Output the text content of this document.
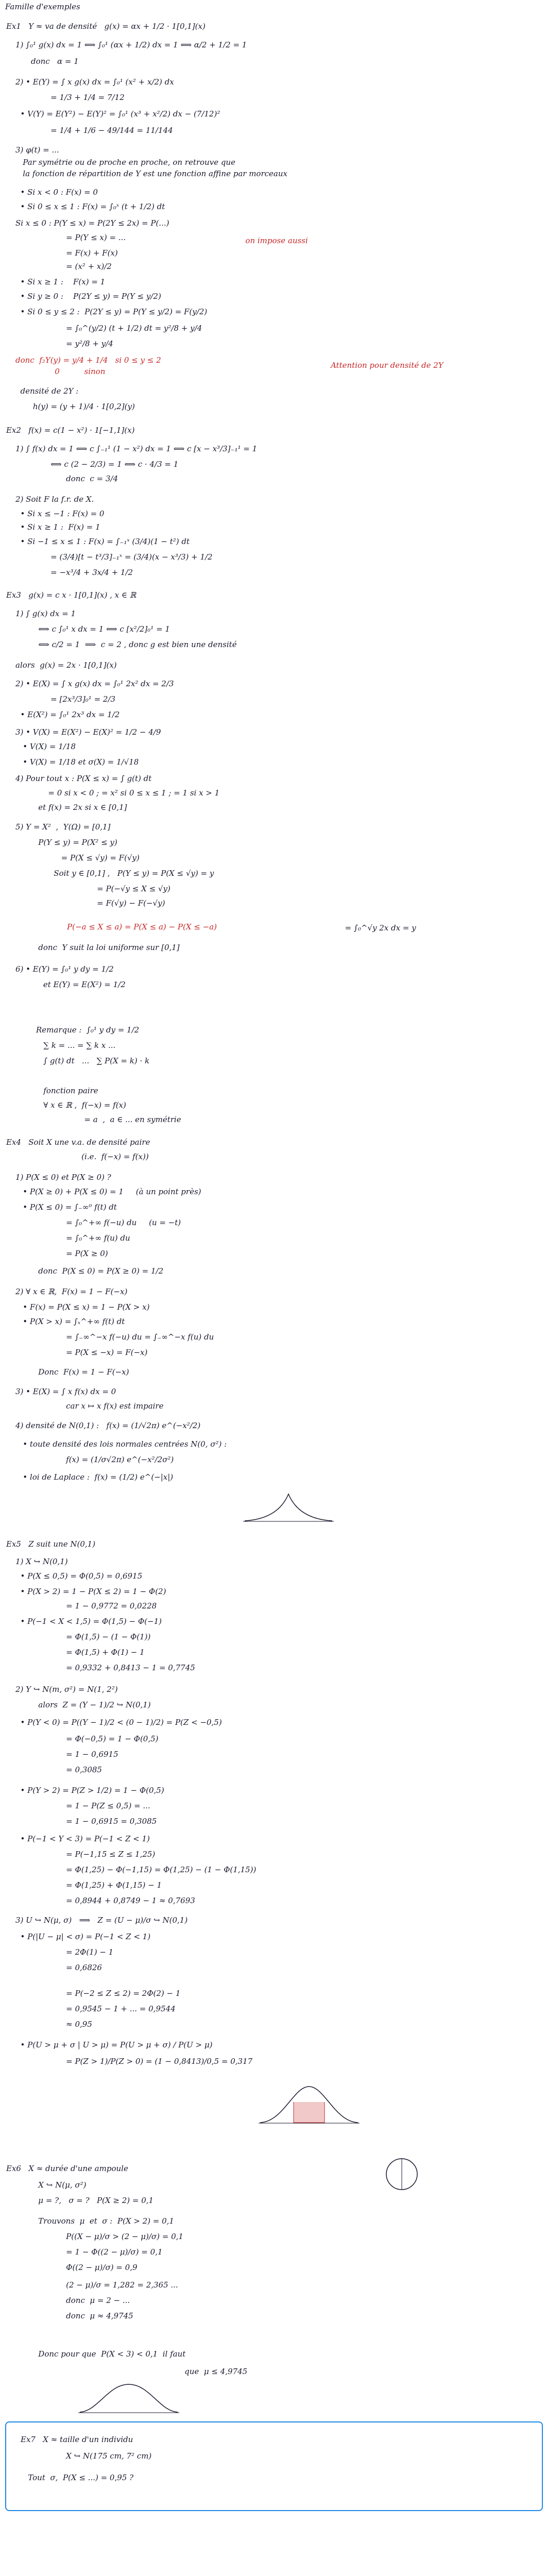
Famille d'exemples
Ex1   Y ≈ va de densité   g(x) = αx + 1/2 · 1[0,1](x)
1) ∫₀¹ g(x) dx = 1 ⟺ ∫₀¹ (αx + 1/2) dx = 1 ⟺ α/2 + 1/2 = 1
donc   α = 1
2) • E(Y) = ∫ x g(x) dx = ∫₀¹ (x² + x/2) dx
= 1/3 + 1/4 = 7/12
• V(Y) = E(Y²) − E(Y)² = ∫₀¹ (x³ + x²/2) dx − (7/12)²
= 1/4 + 1/6 − 49/144 = 11/144
3) φ(t) = ...
Par symétrie ou de proche en proche, on retrouve que
la fonction de répartition de Y est une fonction affine par morceaux
• Si x < 0 : F(x) = 0
• Si 0 ≤ x ≤ 1 : F(x) = ∫₀ˣ (t + 1/2) dt
Si x ≤ 0 : P(Y ≤ x) = P(2Y ≤ 2x) = P(...)
= P(Y ≤ x) = ...	on impose aussi
= F(x) + F(x)
= (x² + x)/2
• Si x ≥ 1 :    F(x) = 1
• Si y ≥ 0 :    P(2Y ≤ y) = P(Y ≤ y/2)
• Si 0 ≤ y ≤ 2 :  P(2Y ≤ y) = P(Y ≤ y/2) = F(y/2)
= ∫₀^(y/2) (t + 1/2) dt = y²/8 + y/4
= y²/8 + y/4
donc  f₂Y(y) = y/4 + 1/4   si 0 ≤ y ≤ 2
0          sinon
Attention pour densité de 2Y
densité de 2Y :
h(y) = (y + 1)/4 · 1[0,2](y)
Ex2   f(x) = c(1 − x²) · 1[−1,1](x)
1) ∫ f(x) dx = 1 ⟺ c ∫₋₁¹ (1 − x²) dx = 1 ⟺ c [x − x³/3]₋₁¹ = 1
⟺ c (2 − 2/3) = 1 ⟺ c · 4/3 = 1
donc  c = 3/4
2) Soit F la f.r. de X.
• Si x ≤ −1 : F(x) = 0
• Si x ≥ 1 :  F(x) = 1
• Si −1 ≤ x ≤ 1 : F(x) = ∫₋₁ˣ (3/4)(1 − t²) dt
= (3/4)[t − t³/3]₋₁ˣ = (3/4)(x − x³/3) + 1/2
= −x³/4 + 3x/4 + 1/2
Ex3   g(x) = c x · 1[0,1](x) , x ∈ ℝ
1) ∫ g(x) dx = 1
⟺ c ∫₀¹ x dx = 1 ⟺ c [x²/2]₀¹ = 1
⟺ c/2 = 1  ⟹  c = 2 , donc g est bien une densité
alors  g(x) = 2x · 1[0,1](x)
2) • E(X) = ∫ x g(x) dx = ∫₀¹ 2x² dx = 2/3
= [2x³/3]₀¹ = 2/3
• E(X²) = ∫₀¹ 2x³ dx = 1/2
3) • V(X) = E(X²) − E(X)² = 1/2 − 4/9
• V(X) = 1/18
• V(X) = 1/18 et σ(X) = 1/√18
4) Pour tout x : P(X ≤ x) = ∫ g(t) dt
= 0 si x < 0 ; = x² si 0 ≤ x ≤ 1 ; = 1 si x > 1
et f(x) = 2x si x ∈ [0,1]
5) Y = X²  ,  Y(Ω) = [0,1]
P(Y ≤ y) = P(X² ≤ y)
= P(X ≤ √y) = F(√y)
Soit y ∈ [0,1] ,   P(Y ≤ y) = P(X ≤ √y) = y
= P(−√y ≤ X ≤ √y)
= F(√y) − F(−√y)
P(−a ≤ X ≤ a) = P(X ≤ a) − P(X ≤ −a)	= ∫₀^√y 2x dx = y
donc  Y suit la loi uniforme sur [0,1]
6) • E(Y) = ∫₀¹ y dy = 1/2
et E(Y) = E(X²) = 1/2
Remarque :  ∫₀¹ y dy = 1/2
∑ k = ... = ∑ k x ...
∫ g(t) dt   ...   ∑ P(X = k) · k
fonction paire
∀ x ∈ ℝ ,  f(−x) = f(x)
= a  ,  a ∈ ... en symétrie
Ex4   Soit X une v.a. de densité paire
(i.e.  f(−x) = f(x))
1) P(X ≤ 0) et P(X ≥ 0) ?
• P(X ≥ 0) + P(X ≤ 0) = 1     (à un point près)
• P(X ≤ 0) = ∫₋∞⁰ f(t) dt
= ∫₀^+∞ f(−u) du     (u = −t)
= ∫₀^+∞ f(u) du
= P(X ≥ 0)
donc  P(X ≤ 0) = P(X ≥ 0) = 1/2
2) ∀ x ∈ ℝ,  F(x) = 1 − F(−x)
• F(x) = P(X ≤ x) = 1 − P(X > x)
• P(X > x) = ∫ₓ^+∞ f(t) dt
= ∫₋∞^−x f(−u) du = ∫₋∞^−x f(u) du
= P(X ≤ −x) = F(−x)
Donc  F(x) = 1 − F(−x)
3) • E(X) = ∫ x f(x) dx = 0
car x ↦ x f(x) est impaire
4) densité de N(0,1) :   f(x) = (1/√2π) e^(−x²/2)
• toute densité des lois normales centrées N(0, σ²) :
f(x) = (1/σ√2π) e^(−x²/2σ²)
• loi de Laplace :  f(x) = (1/2) e^(−|x|)
Ex5   Z suit une N(0,1)
1) X ↪ N(0,1)
• P(X ≤ 0,5) = Φ(0,5) = 0,6915
• P(X > 2) = 1 − P(X ≤ 2) = 1 − Φ(2)
= 1 − 0,9772 = 0,0228
• P(−1 < X < 1,5) = Φ(1,5) − Φ(−1)
= Φ(1,5) − (1 − Φ(1))
= Φ(1,5) + Φ(1) − 1
= 0,9332 + 0,8413 − 1 = 0,7745
2) Y ↪ N(m, σ²) = N(1, 2²)
alors  Z = (Y − 1)/2 ↪ N(0,1)
• P(Y < 0) = P((Y − 1)/2 < (0 − 1)/2) = P(Z < −0,5)
= Φ(−0,5) = 1 − Φ(0,5)
= 1 − 0,6915
= 0,3085
• P(Y > 2) = P(Z > 1/2) = 1 − Φ(0,5)
= 1 − P(Z ≤ 0,5) = ...
= 1 − 0,6915 = 0,3085
• P(−1 < Y < 3) = P(−1 < Z < 1)
= P(−1,15 ≤ Z ≤ 1,25)
= Φ(1,25) − Φ(−1,15) = Φ(1,25) − (1 − Φ(1,15))
= Φ(1,25) + Φ(1,15) − 1
= 0,8944 + 0,8749 − 1 ≈ 0,7693
3) U ↪ N(μ, σ)   ⟹   Z = (U − μ)/σ ↪ N(0,1)
• P(|U − μ| < σ) = P(−1 < Z < 1)
= 2Φ(1) − 1
= 0,6826
= P(−2 ≤ Z ≤ 2) = 2Φ(2) − 1
= 0,9545 − 1 + ... = 0,9544
≈ 0,95
• P(U > μ + σ | U > μ) = P(U > μ + σ) / P(U > μ)
= P(Z > 1)/P(Z > 0) = (1 − 0,8413)/0,5 = 0,317
Ex6   X ≈ durée d'une ampoule
X ↪ N(μ, σ²)
μ = ?,   σ = ?   P(X ≥ 2) = 0,1
Trouvons  μ  et  σ :  P(X > 2) = 0,1
P((X − μ)/σ > (2 − μ)/σ) = 0,1
= 1 − Φ((2 − μ)/σ) = 0,1
Φ((2 − μ)/σ) = 0,9
(2 − μ)/σ = 1,282 = 2,365 ...
donc  μ = 2 − ...
donc  μ ≈ 4,9745
Donc pour que  P(X < 3) < 0,1  il faut
que  μ ≤ 4,9745
Ex7   X ≈ taille d'un individu
X ↪ N(175 cm, 7² cm)
Tout  σ,  P(X ≤ ...) = 0,95 ?
